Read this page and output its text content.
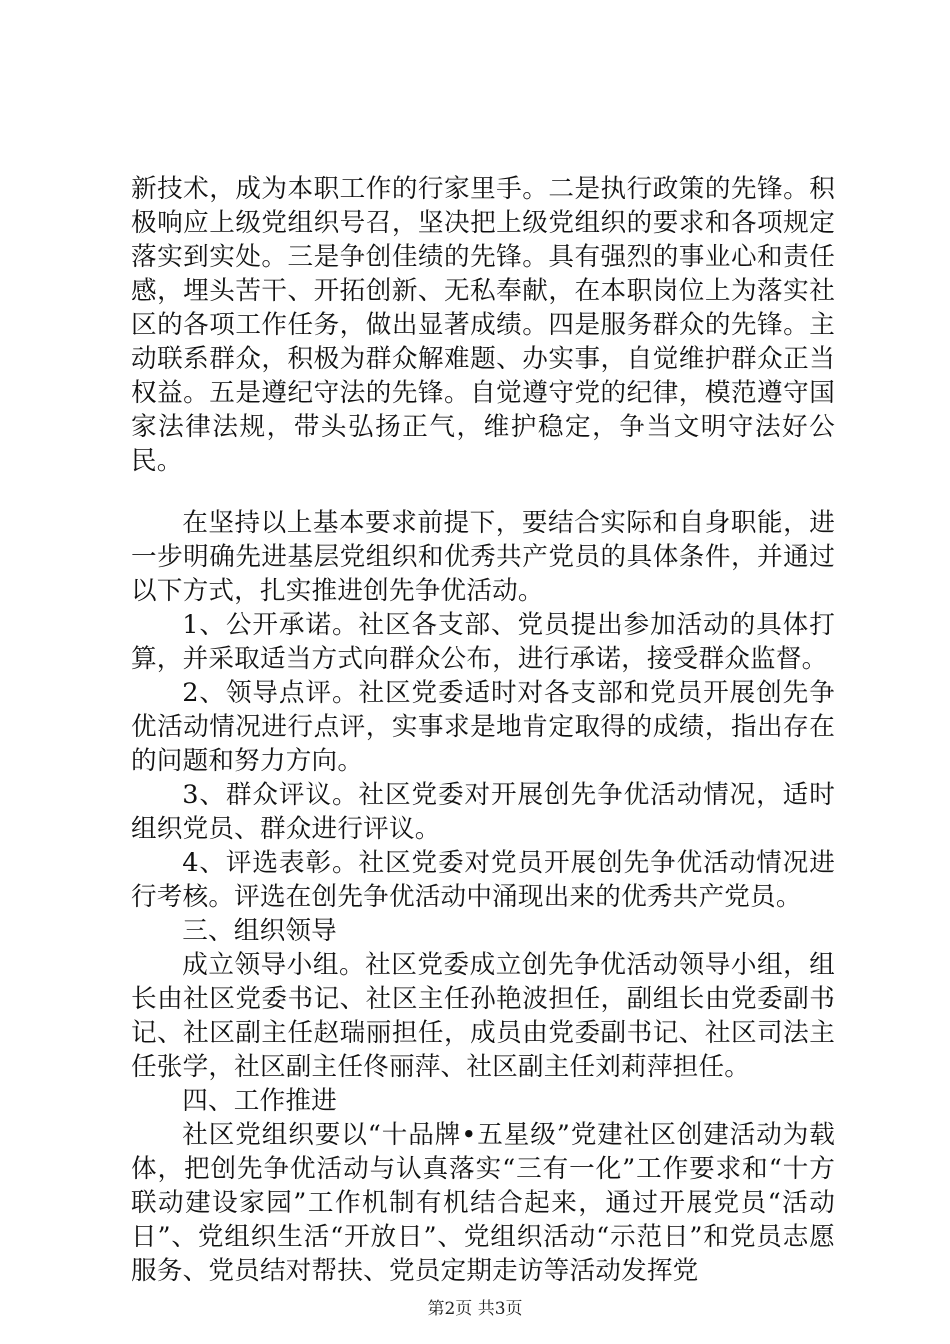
新技术，成为本职工作的行家里手。二是执行政策的先锋。积极响应上级党组织号召，坚决把上级党组织的要求和各项规定落实到实处。三是争创佳绩的先锋。具有强烈的事业心和责任感，埋头苦干、开拓创新、无私奉献，在本职岗位上为落实社区的各项工作任务，做出显著成绩。四是服务群众的先锋。主动联系群众，积极为群众解难题、办实事，自觉维护群众正当权益。五是遵纪守法的先锋。自觉遵守党的纪律，模范遵守国家法律法规，带头弘扬正气，维护稳定，争当文明守法好公民。

在坚持以上基本要求前提下，要结合实际和自身职能，进一步明确先进基层党组织和优秀共产党员的具体条件，并通过以下方式，扎实推进创先争优活动。

1、公开承诺。社区各支部、党员提出参加活动的具体打算，并采取适当方式向群众公布，进行承诺，接受群众监督。

2、领导点评。社区党委适时对各支部和党员开展创先争优活动情况进行点评，实事求是地肯定取得的成绩，指出存在的问题和努力方向。

3、群众评议。社区党委对开展创先争优活动情况，适时组织党员、群众进行评议。

4、评选表彰。社区党委对党员开展创先争优活动情况进行考核。评选在创先争优活动中涌现出来的优秀共产党员。

三、组织领导

成立领导小组。社区党委成立创先争优活动领导小组，组长由社区党委书记、社区主任孙艳波担任，副组长由党委副书记、社区副主任赵瑞丽担任，成员由党委副书记、社区司法主任张学，社区副主任佟丽萍、社区副主任刘莉萍担任。

四、工作推进

社区党组织要以“十品牌•五星级”党建社区创建活动为载体，把创先争优活动与认真落实“三有一化”工作要求和“十方联动建设家园”工作机制有机结合起来，通过开展党员“活动日”、党组织生活“开放日”、党组织活动“示范日”和党员志愿服务、党员结对帮扶、党员定期走访等活动发挥党

第2页 共3页
